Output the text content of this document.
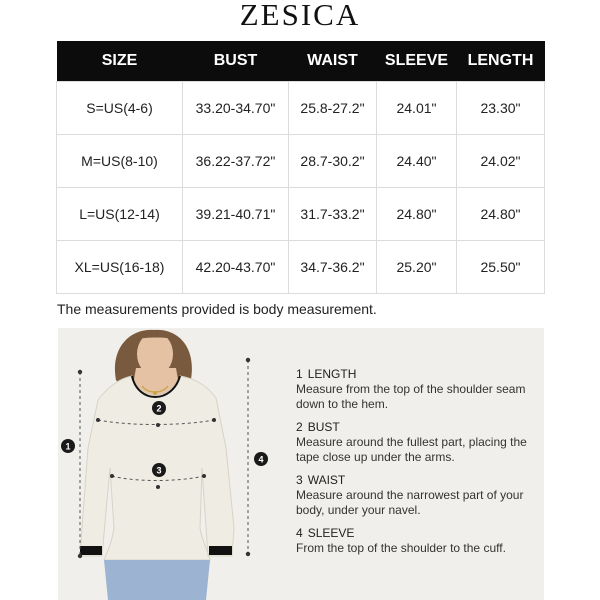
ZESICA
SIZE	BUST	WAIST	SLEEVE	LENGTH
S=US(4-6)	33.20-34.70"	25.8-27.2"	24.01"	23.30"
M=US(8-10)	36.22-37.72"	28.7-30.2"	24.40"	24.02"
L=US(12-14)	39.21-40.71"	31.7-33.2"	24.80"	24.80"
XL=US(16-18)	42.20-43.70"	34.7-36.2"	25.20"	25.50"
The measurements provided is body measurement.
1
2
3
4
1 LENGTH
Measure from the top of the shoulder seam down to the hem.
2 BUST
Measure around the fullest part, placing the tape close up under the arms.
3 WAIST
Measure around the narrowest part of your body, under your navel.
4 SLEEVE
From the top of the shoulder to the cuff.
